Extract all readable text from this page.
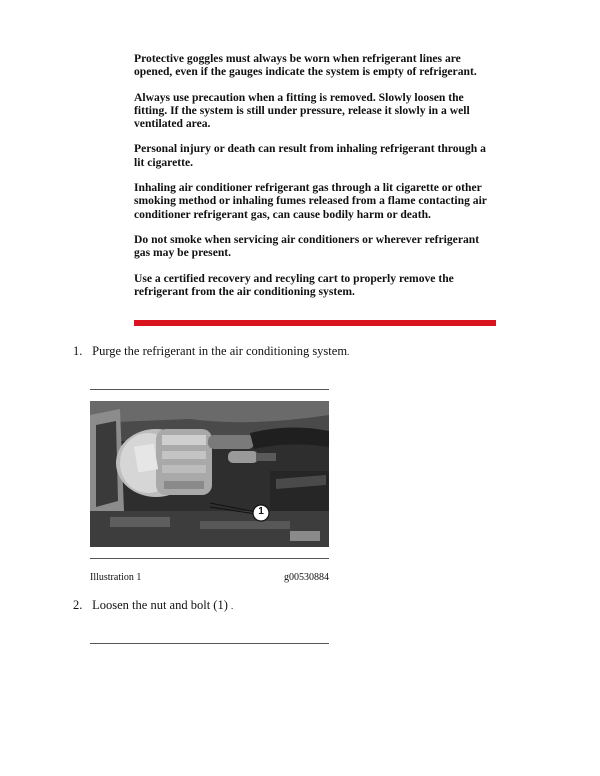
Protective goggles must always be worn when refrigerant lines are opened, even if the gauges indicate the system is empty of refrigerant.

Always use precaution when a fitting is removed. Slowly loosen the fitting. If the system is still under pressure, release it slowly in a well ventilated area.

Personal injury or death can result from inhaling refrigerant through a lit cigarette.

Inhaling air conditioner refrigerant gas through a lit cigarette or other smoking method or inhaling fumes released from a flame contacting air conditioner refrigerant gas, can cause bodily harm or death.

Do not smoke when servicing air conditioners or wherever refrigerant gas may be present.

Use a certified recovery and recyling cart to properly remove the refrigerant from the air conditioning system.

1. Purge the refrigerant in the air conditioning system.
1
Illustration 1	g00530884
2. Loosen the nut and bolt (1) .
